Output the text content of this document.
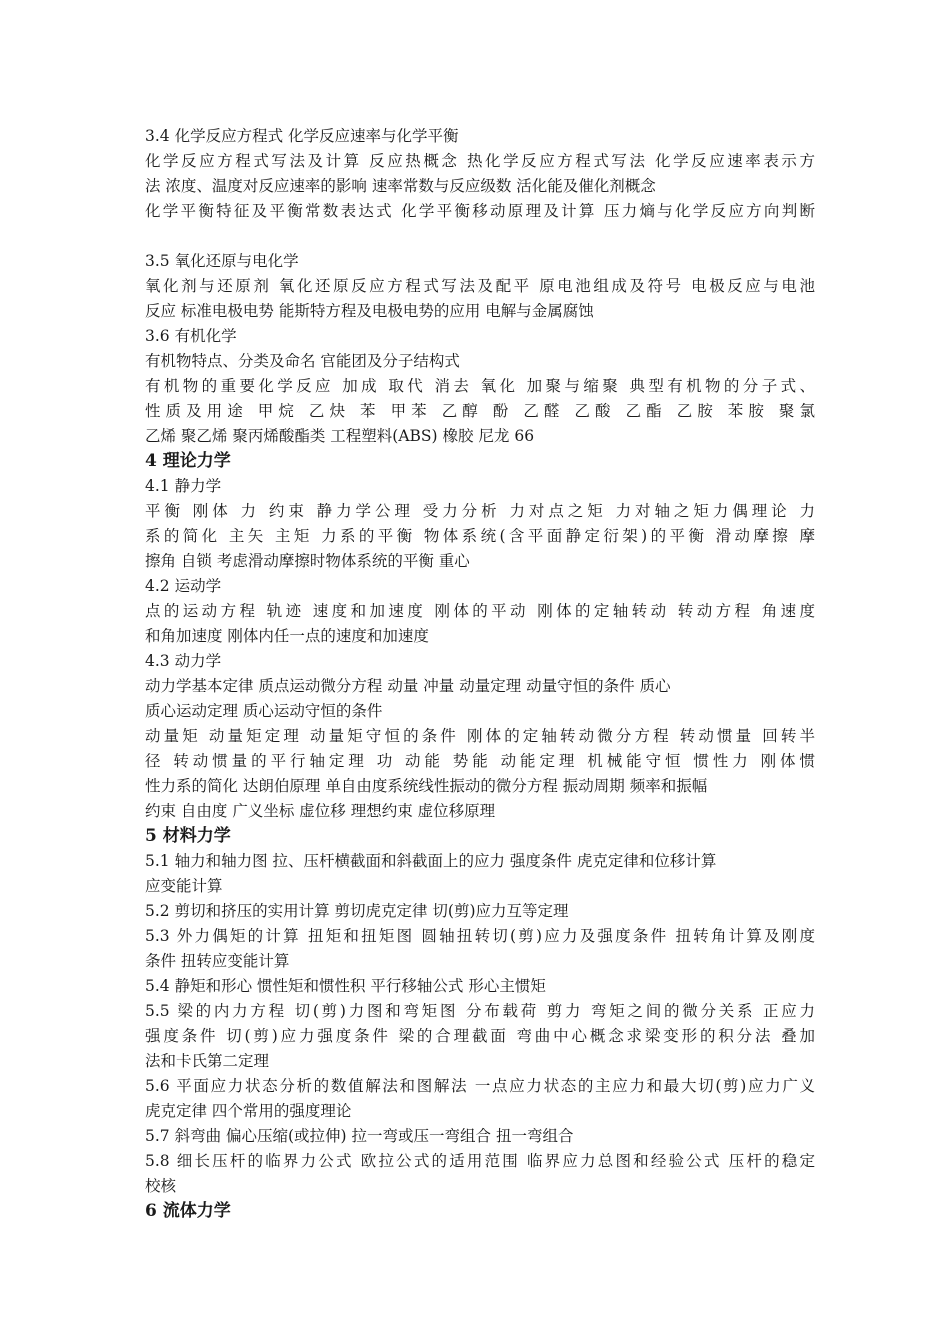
3.4 化学反应方程式 化学反应速率与化学平衡
化学反应方程式写法及计算 反应热概念 热化学反应方程式写法 化学反应速率表示方
法 浓度、温度对反应速率的影响 速率常数与反应级数 活化能及催化剂概念
化学平衡特征及平衡常数表达式 化学平衡移动原理及计算 压力熵与化学反应方向判断
3.5 氧化还原与电化学
氧化剂与还原剂 氧化还原反应方程式写法及配平 原电池组成及符号 电极反应与电池
反应 标准电极电势 能斯特方程及电极电势的应用 电解与金属腐蚀
3.6 有机化学
有机物特点、分类及命名 官能团及分子结构式
有机物的重要化学反应 加成 取代 消去 氧化 加聚与缩聚 典型有机物的分子式、
性质及用途 甲烷 乙炔 苯 甲苯 乙醇 酚 乙醛 乙酸 乙酯 乙胺 苯胺 聚氯
乙烯 聚乙烯 聚丙烯酸酯类 工程塑料(ABS) 橡胶 尼龙 66
4 理论力学
4.1 静力学
平衡 刚体 力 约束 静力学公理 受力分析 力对点之矩 力对轴之矩力偶理论 力
系的简化 主矢 主矩 力系的平衡 物体系统(含平面静定衍架)的平衡 滑动摩擦 摩
擦角 自锁 考虑滑动摩擦时物体系统的平衡 重心
4.2 运动学
点的运动方程 轨迹 速度和加速度 刚体的平动 刚体的定轴转动 转动方程 角速度
和角加速度 刚体内任一点的速度和加速度
4.3 动力学
动力学基本定律 质点运动微分方程 动量 冲量 动量定理 动量守恒的条件 质心
质心运动定理 质心运动守恒的条件
动量矩 动量矩定理 动量矩守恒的条件 刚体的定轴转动微分方程 转动惯量 回转半
径 转动惯量的平行轴定理 功 动能 势能 动能定理 机械能守恒 惯性力 刚体惯
性力系的简化 达朗伯原理 单自由度系统线性振动的微分方程 振动周期 频率和振幅
约束 自由度 广义坐标 虚位移 理想约束 虚位移原理
5 材料力学
5.1 轴力和轴力图 拉、压杆横截面和斜截面上的应力 强度条件 虎克定律和位移计算
应变能计算
5.2 剪切和挤压的实用计算 剪切虎克定律 切(剪)应力互等定理
5.3 外力偶矩的计算 扭矩和扭矩图 圆轴扭转切(剪)应力及强度条件 扭转角计算及刚度
条件 扭转应变能计算
5.4 静矩和形心 惯性矩和惯性积 平行移轴公式 形心主惯矩
5.5 梁的内力方程 切(剪)力图和弯矩图 分布载荷 剪力 弯矩之间的微分关系 正应力
强度条件 切(剪)应力强度条件 梁的合理截面 弯曲中心概念求梁变形的积分法 叠加
法和卡氏第二定理
5.6 平面应力状态分析的数值解法和图解法 一点应力状态的主应力和最大切(剪)应力广义
虎克定律 四个常用的强度理论
5.7 斜弯曲 偏心压缩(或拉伸) 拉一弯或压一弯组合 扭一弯组合
5.8 细长压杆的临界力公式 欧拉公式的适用范围 临界应力总图和经验公式 压杆的稳定
校核
6 流体力学
